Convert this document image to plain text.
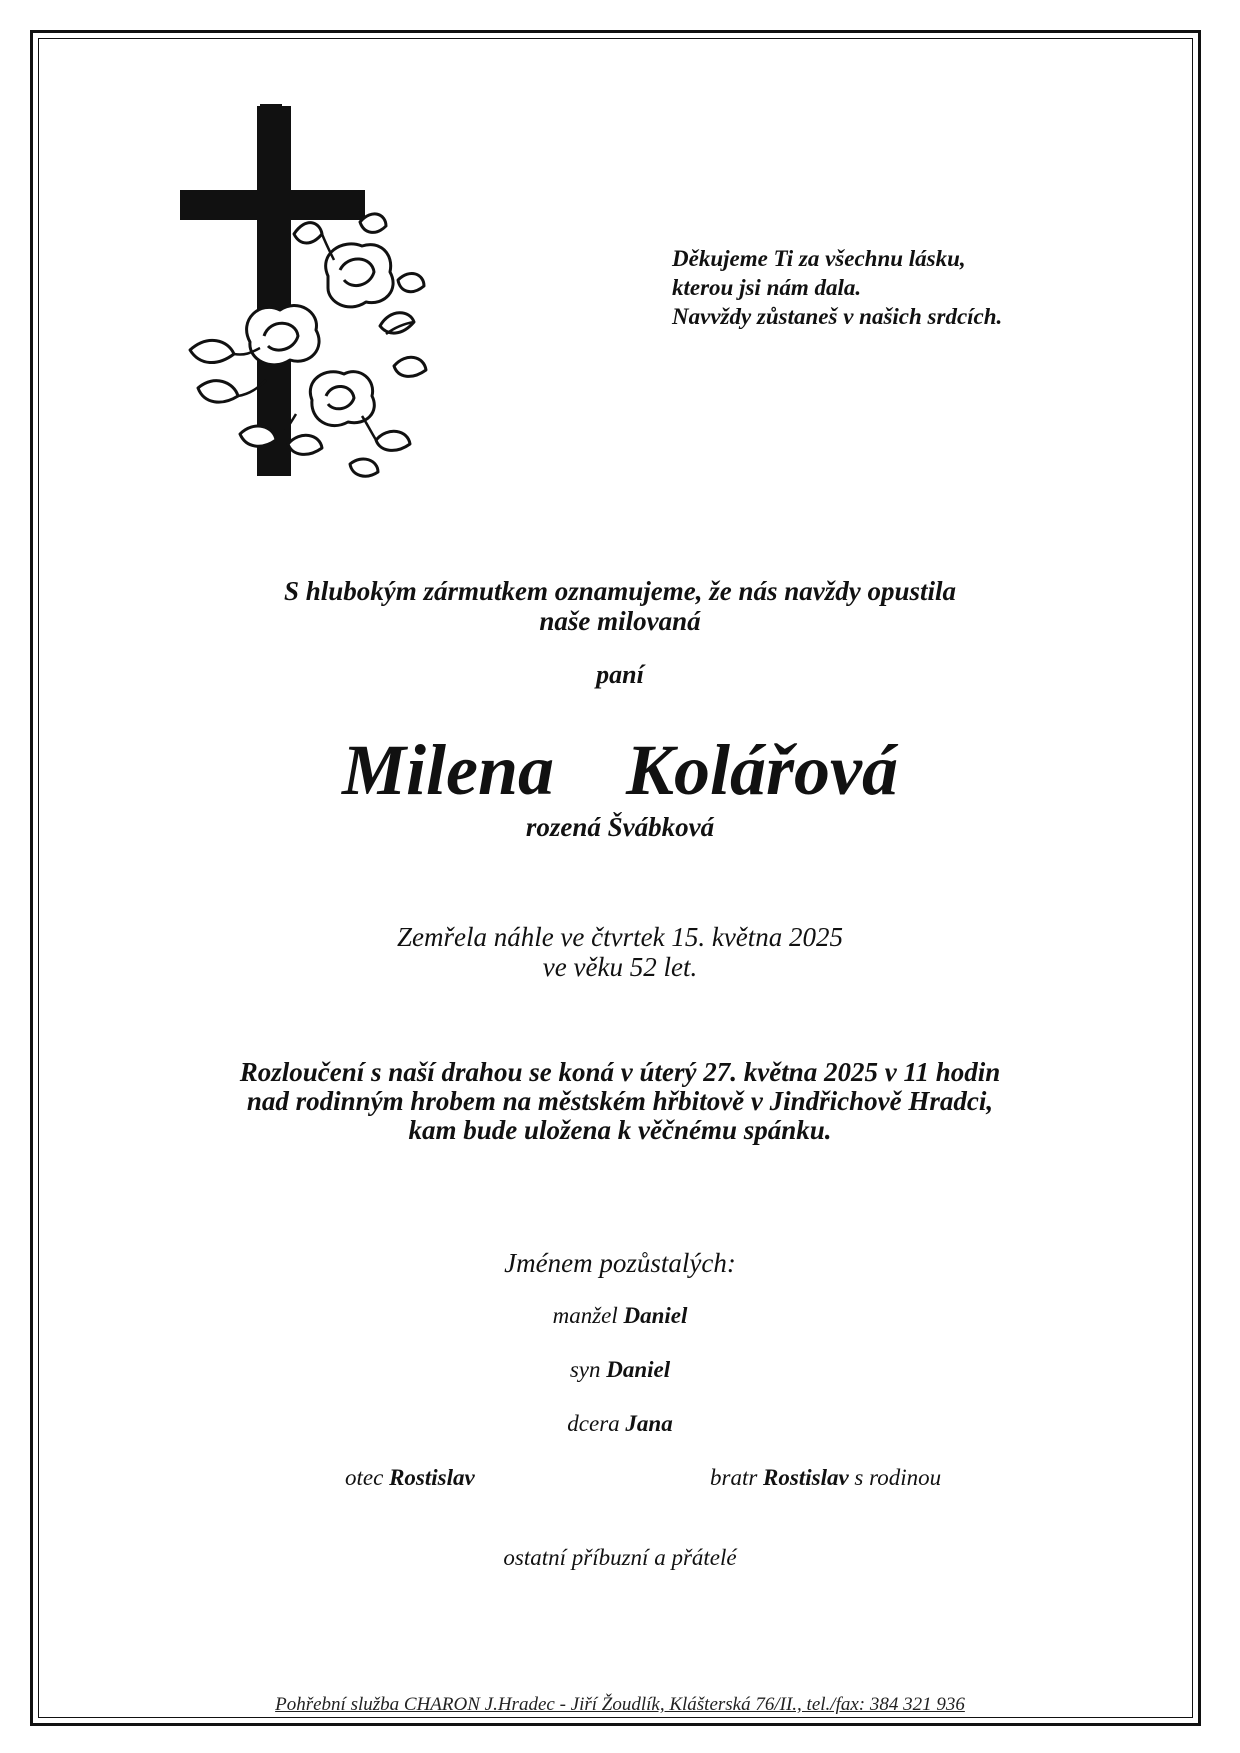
Děkujeme Ti za všechnu lásku,
kterou jsi nám dala.
Navvždy zůstaneš v našich srdcích.
S hlubokým zármutkem oznamujeme, že nás navždy opustila
naše milovaná
paní
Milena  Kolářová
rozená Švábková
Zemřela náhle ve čtvrtek 15. května 2025
ve věku 52 let.
Rozloučení s naší drahou se koná v úterý 27. května 2025 v 11 hodin
nad rodinným hrobem na městském hřbitově v Jindřichově Hradci,
kam bude uložena k věčnému spánku.
Jménem pozůstalých:
manžel Daniel
syn Daniel
dcera Jana
otec Rostislav	bratr Rostislav s rodinou
ostatní příbuzní a přátelé
Pohřební služba CHARON J.Hradec - Jiří Žoudlík, Klášterská 76/II., tel./fax: 384 321 936
